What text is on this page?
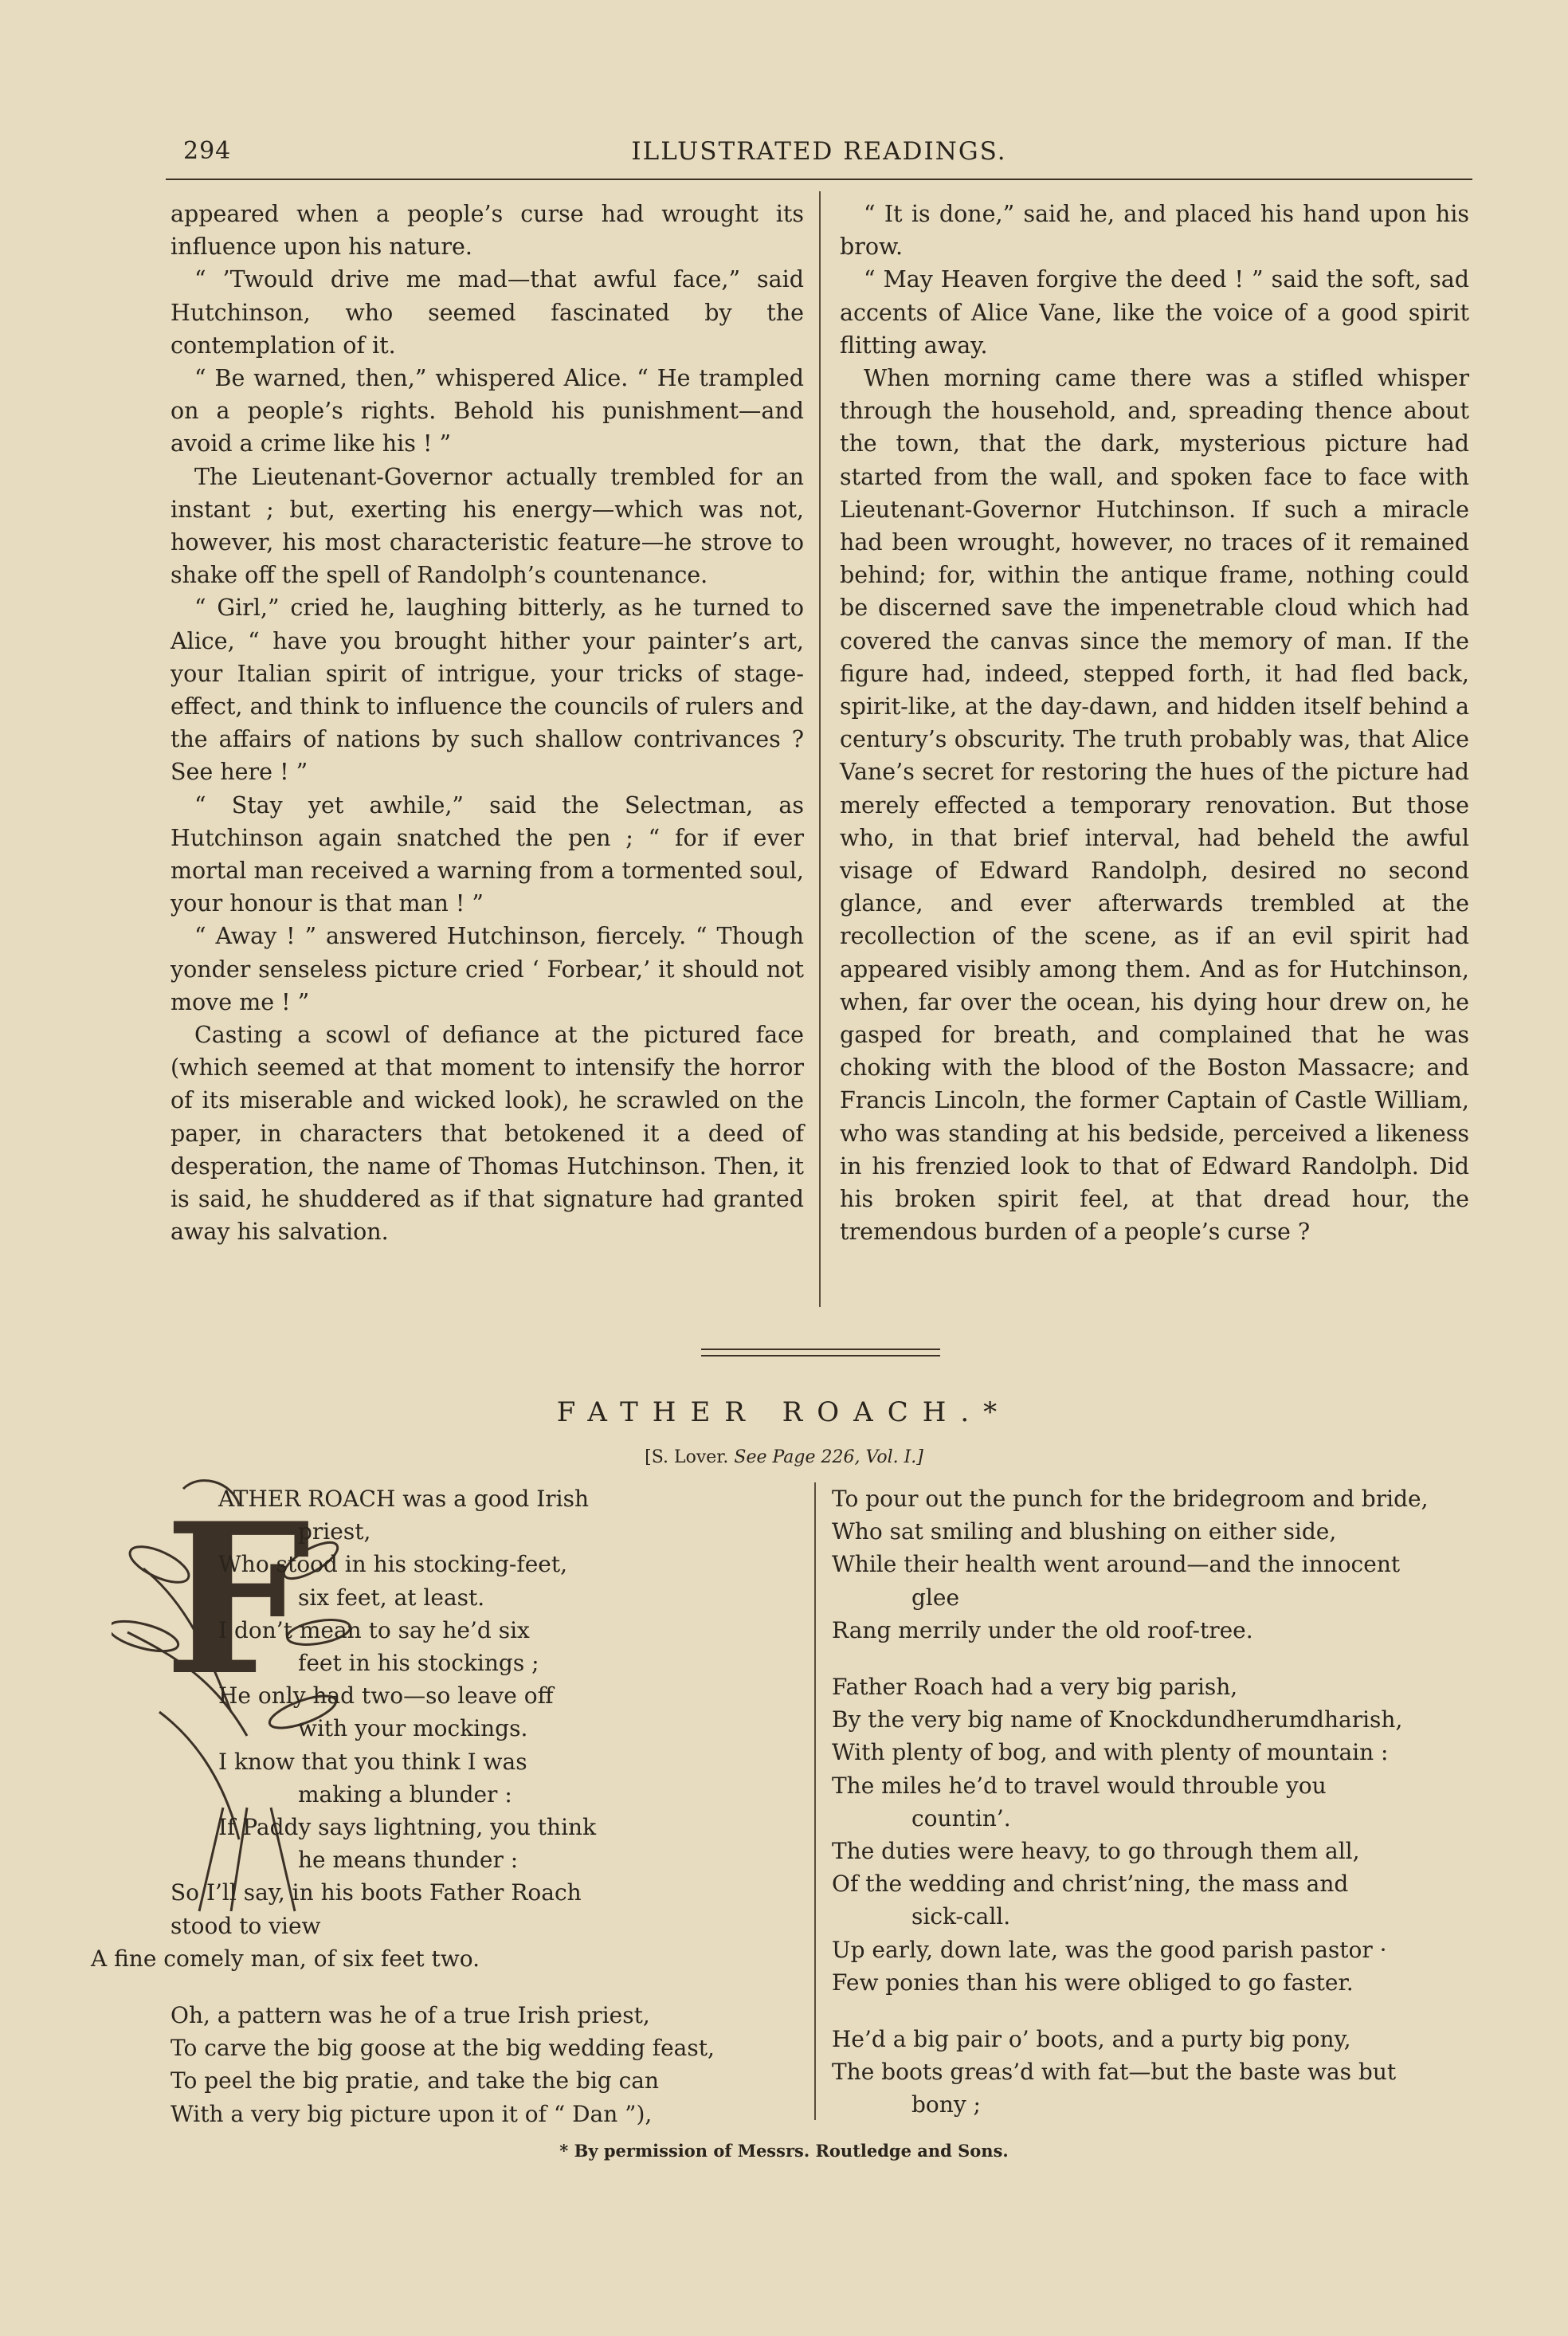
294	ILLUSTRATED READINGS.

appeared when a people’s curse had wrought its influence upon his nature.

“ ’Twould drive me mad—that awful face,” said Hutchinson, who seemed fascinated by the contemplation of it.

“ Be warned, then,” whispered Alice. “ He trampled on a people’s rights. Behold his punishment—and avoid a crime like his ! ”

The Lieutenant-Governor actually trembled for an instant ; but, exerting his energy—which was not, however, his most characteristic feature—he strove to shake off the spell of Randolph’s countenance.

“ Girl,” cried he, laughing bitterly, as he turned to Alice, “ have you brought hither your painter’s art, your Italian spirit of intrigue, your tricks of stage-effect, and think to influence the councils of rulers and the affairs of nations by such shallow contrivances ? See here ! ”

“ Stay yet awhile,” said the Selectman, as Hutchinson again snatched the pen ; “ for if ever mortal man received a warning from a tormented soul, your honour is that man ! ”

“ Away ! ” answered Hutchinson, fiercely. “ Though yonder senseless picture cried ‘ Forbear,’ it should not move me ! ”

Casting a scowl of defiance at the pictured face (which seemed at that moment to intensify the horror of its miserable and wicked look), he scrawled on the paper, in characters that betokened it a deed of desperation, the name of Thomas Hutchinson. Then, it is said, he shuddered as if that signature had granted away his salvation.

“ It is done,” said he, and placed his hand upon his brow.

“ May Heaven forgive the deed ! ” said the soft, sad accents of Alice Vane, like the voice of a good spirit flitting away.

When morning came there was a stifled whisper through the household, and, spreading thence about the town, that the dark, mysterious picture had started from the wall, and spoken face to face with Lieutenant-Governor Hutchinson. If such a miracle had been wrought, however, no traces of it remained behind; for, within the antique frame, nothing could be discerned save the impenetrable cloud which had covered the canvas since the memory of man. If the figure had, indeed, stepped forth, it had fled back, spirit-like, at the day-dawn, and hidden itself behind a century’s obscurity. The truth probably was, that Alice Vane’s secret for restoring the hues of the picture had merely effected a temporary renovation. But those who, in that brief interval, had beheld the awful visage of Edward Randolph, desired no second glance, and ever afterwards trembled at the recollection of the scene, as if an evil spirit had appeared visibly among them. And as for Hutchinson, when, far over the ocean, his dying hour drew on, he gasped for breath, and complained that he was choking with the blood of the Boston Massacre; and Francis Lincoln, the former Captain of Castle William, who was standing at his bedside, perceived a likeness in his frenzied look to that of Edward Randolph. Did his broken spirit feel, at that dread hour, the tremendous burden of a people’s curse ?

FATHER ROACH.*
[S. Lover. See Page 226, Vol. I.]
F
ATHER ROACH was a good Irish
priest,
Who stood in his stocking-feet,
six feet, at least.
I don’t mean to say he’d six
feet in his stockings ;
He only had two—so leave off
with your mockings.
I know that you think I was
making a blunder :
If Paddy says lightning, you think
he means thunder :
So I’ll say, in his boots Father Roach
stood to view
A fine comely man, of six feet two.
Oh, a pattern was he of a true Irish priest,
To carve the big goose at the big wedding feast,
To peel the big pratie, and take the big can
With a very big picture upon it of “ Dan ”),
To pour out the punch for the bridegroom and bride,
Who sat smiling and blushing on either side,
While their health went around—and the innocent
glee
Rang merrily under the old roof-tree.
Father Roach had a very big parish,
By the very big name of Knockdundherumdharish,
With plenty of bog, and with plenty of mountain :
The miles he’d to travel would throuble you
countin’.
The duties were heavy, to go through them all,
Of the wedding and christ’ning, the mass and
sick-call.
Up early, down late, was the good parish pastor ·
Few ponies than his were obliged to go faster.
He’d a big pair o’ boots, and a purty big pony,
The boots greas’d with fat—but the baste was but
bony ;
* By permission of Messrs. Routledge and Sons.
